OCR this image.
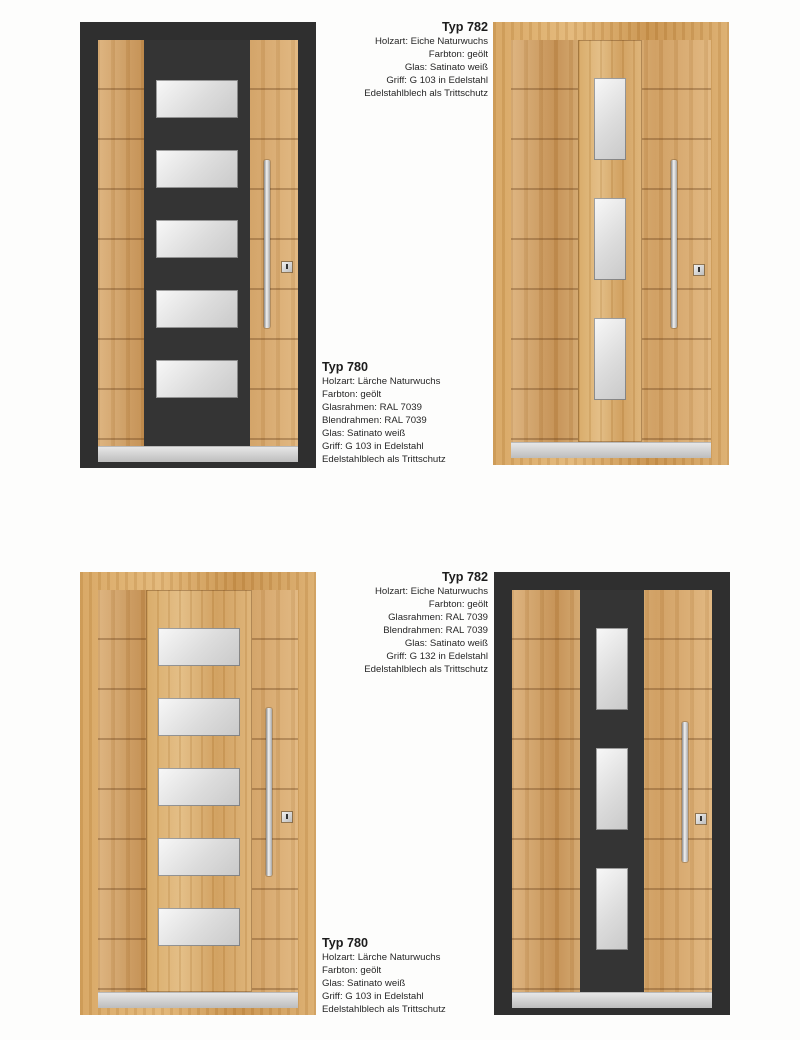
Typ 782
Holzart: Eiche Naturwuchs
Farbton: geölt
Glas: Satinato weiß
Griff: G 103 in Edelstahl
Edelstahlblech als Trittschutz
Typ 780
Holzart: Lärche Naturwuchs
Farbton: geölt
Glasrahmen: RAL 7039
Blendrahmen: RAL 7039
Glas: Satinato weiß
Griff: G 103 in Edelstahl
Edelstahlblech als Trittschutz
Typ 782
Holzart: Eiche Naturwuchs
Farbton: geölt
Glasrahmen: RAL 7039
Blendrahmen: RAL 7039
Glas: Satinato weiß
Griff: G 132 in Edelstahl
Edelstahlblech als Trittschutz
Typ 780
Holzart: Lärche Naturwuchs
Farbton: geölt
Glas: Satinato weiß
Griff: G 103 in Edelstahl
Edelstahlblech als Trittschutz
